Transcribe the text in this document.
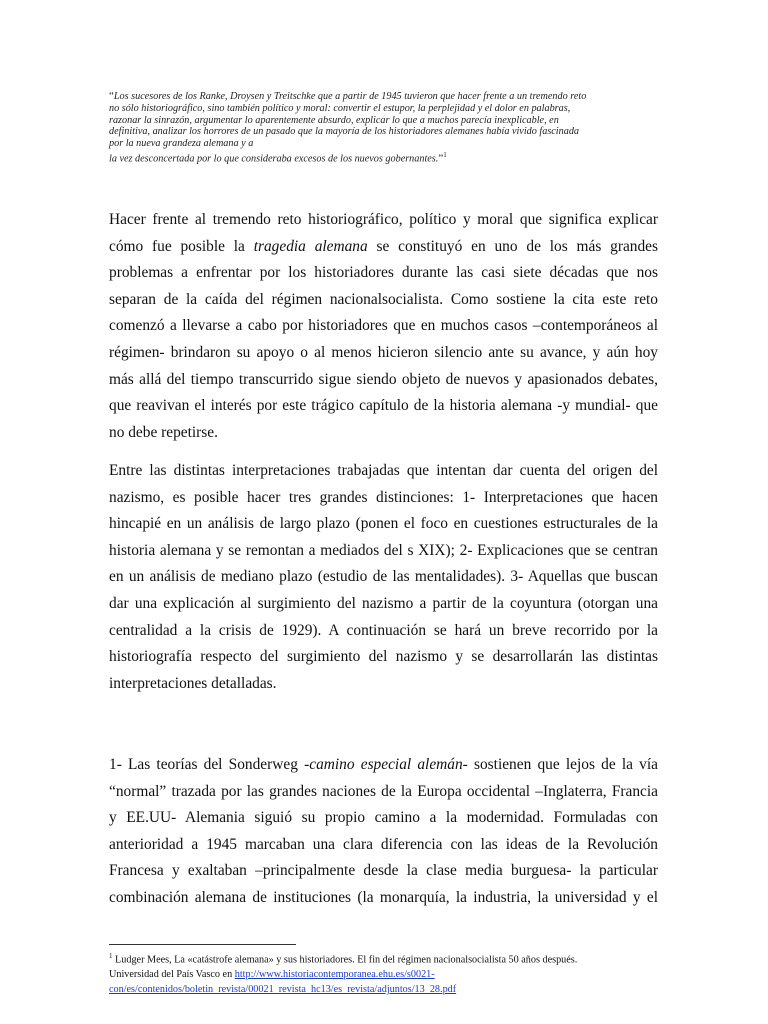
“Los sucesores de los Ranke, Droysen y Treitschke que a partir de 1945 tuvieron que hacer frente a un tremendo reto
no sólo historiográfico, sino también político y moral: convertir el estupor, la perplejidad y el dolor en palabras,
razonar la sinrazón, argumentar lo aparentemente absurdo, explicar lo que a muchos parecía inexplicable, en
definitiva, analizar los horrores de un pasado que la mayoría de los historiadores alemanes había vivido fascinada
por la nueva grandeza alemana y a
la vez desconcertada por lo que consideraba excesos de los nuevos gobernantes.”$^1$
Hacer frente al tremendo reto historiográfico, político y moral que significa explicar
cómo fue posible la tragedia alemana se constituyó en uno de los más grandes
problemas a enfrentar por los historiadores durante las casi siete décadas que nos
separan de la caída del régimen nacionalsocialista. Como sostiene la cita este reto
comenzó a llevarse a cabo por historiadores que en muchos casos –contemporáneos al
régimen- brindaron su apoyo o al menos hicieron silencio ante su avance, y aún hoy
más allá del tiempo transcurrido sigue siendo objeto de nuevos y apasionados debates,
que reavivan el interés por este trágico capítulo de la historia alemana -y mundial- que
no debe repetirse.
Entre las distintas interpretaciones trabajadas que intentan dar cuenta del origen del
nazismo, es posible hacer tres grandes distinciones: 1- Interpretaciones que hacen
hincapié en un análisis de largo plazo (ponen el foco en cuestiones estructurales de la
historia alemana y se remontan a mediados del s XIX); 2- Explicaciones que se centran
en un análisis de mediano plazo (estudio de las mentalidades). 3- Aquellas que buscan
dar una explicación al surgimiento del nazismo a partir de la coyuntura (otorgan una
centralidad a la crisis de 1929). A continuación se hará un breve recorrido por la
historiografía respecto del surgimiento del nazismo y se desarrollarán las distintas
interpretaciones detalladas.
1- Las teorías del Sonderweg -camino especial alemán- sostienen que lejos de la vía
“normal” trazada por las grandes naciones de la Europa occidental –Inglaterra, Francia
y EE.UU- Alemania siguió su propio camino a la modernidad. Formuladas con
anterioridad a 1945 marcaban una clara diferencia con las ideas de la Revolución
Francesa y exaltaban –principalmente desde la clase media burguesa- la particular
combinación alemana de instituciones (la monarquía, la industria, la universidad y el
$^1$ Ludger Mees, La «catástrofe alemana» y sus historiadores. El fin del régimen nacionalsocialista 50 años después.
Universidad del País Vasco en http://www.historiacontemporanea.ehu.es/s0021-
con/es/contenidos/boletin_revista/00021_revista_hc13/es_revista/adjuntos/13_28.pdf
